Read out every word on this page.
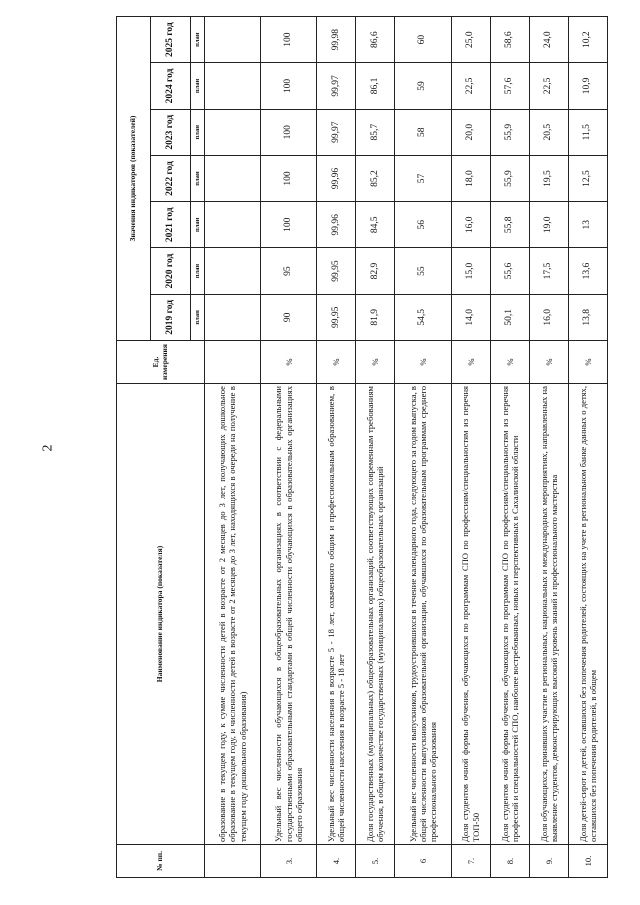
2
№ пп.	Наименование индикатора (показателя)	Ед. измерения	Значения индикаторов (показателей)						
			2019 год	2020 год	2021 год	2022 год	2023 год	2024 год	2025 год
			план	план	план	план	план	план	план
	образование в текущем году, к сумме численности детей в возрасте от 2 месяцев до 3 лет, получающих дошкольное образование в текущем году, и численности детей в возрасте от 2 месяцев до 3 лет, находящихся в очереди на получение в текущем году дошкольного образования)								
3.	Удельный вес численности обучающихся в общеобразовательных организациях в соответствии с федеральными государственными образовательными стандартами в общей численности обучающихся в образовательных организациях общего образования	%	90	95	100	100	100	100	100
4.	Удельный вес численности населения в возрасте 5 - 18 лет, охваченного общим и профессиональным образованием, в общей численности населения в возрасте 5 - 18 лет	%	99,95	99,95	99,96	99,96	99,97	99,97	99,98
5.	Доля государственных (муниципальных) общеобразовательных организаций, соответствующих современным требованиям обучения, в общем количестве государственных (муниципальных) общеобразовательных организаций	%	81,9	82,9	84,5	85,2	85,7	86,1	86,6
6	Удельный вес численности выпускников, трудоустроившихся в течение календарного года, следующего за годом выпуска, в общей численности выпускников образовательной организации, обучавшихся по образовательным программам среднего профессионального образования	%	54,5	55	56	57	58	59	60
7.	Доля студентов очной формы обучения, обучающихся по программам СПО по профессиям/специальностям из перечня ТОП-50	%	14,0	15,0	16,0	18,0	20,0	22,5	25,0
8.	Доля студентов очной формы обучения, обучающихся по программам СПО по профессиям/специальностям из перечня профессий и специальностей СПО, наиболее востребованных, новых и перспективных в Сахалинской области	%	50,1	55,6	55,8	55,9	55,9	57,6	58,6
9.	Доля обучающихся, принявших участие в региональных, национальных и международных мероприятиях, направленных на выявление студентов, демонстрирующих высокий уровень знаний и профессионального мастерства	%	16,0	17,5	19,0	19,5	20,5	22,5	24,0
10.	Доля детей-сирот и детей, оставшихся без попечения родителей, состоящих на учете в региональном банке данных о детях, оставшихся без попечения родителей, в общем	%	13,8	13,6	13	12,5	11,5	10,9	10,2
